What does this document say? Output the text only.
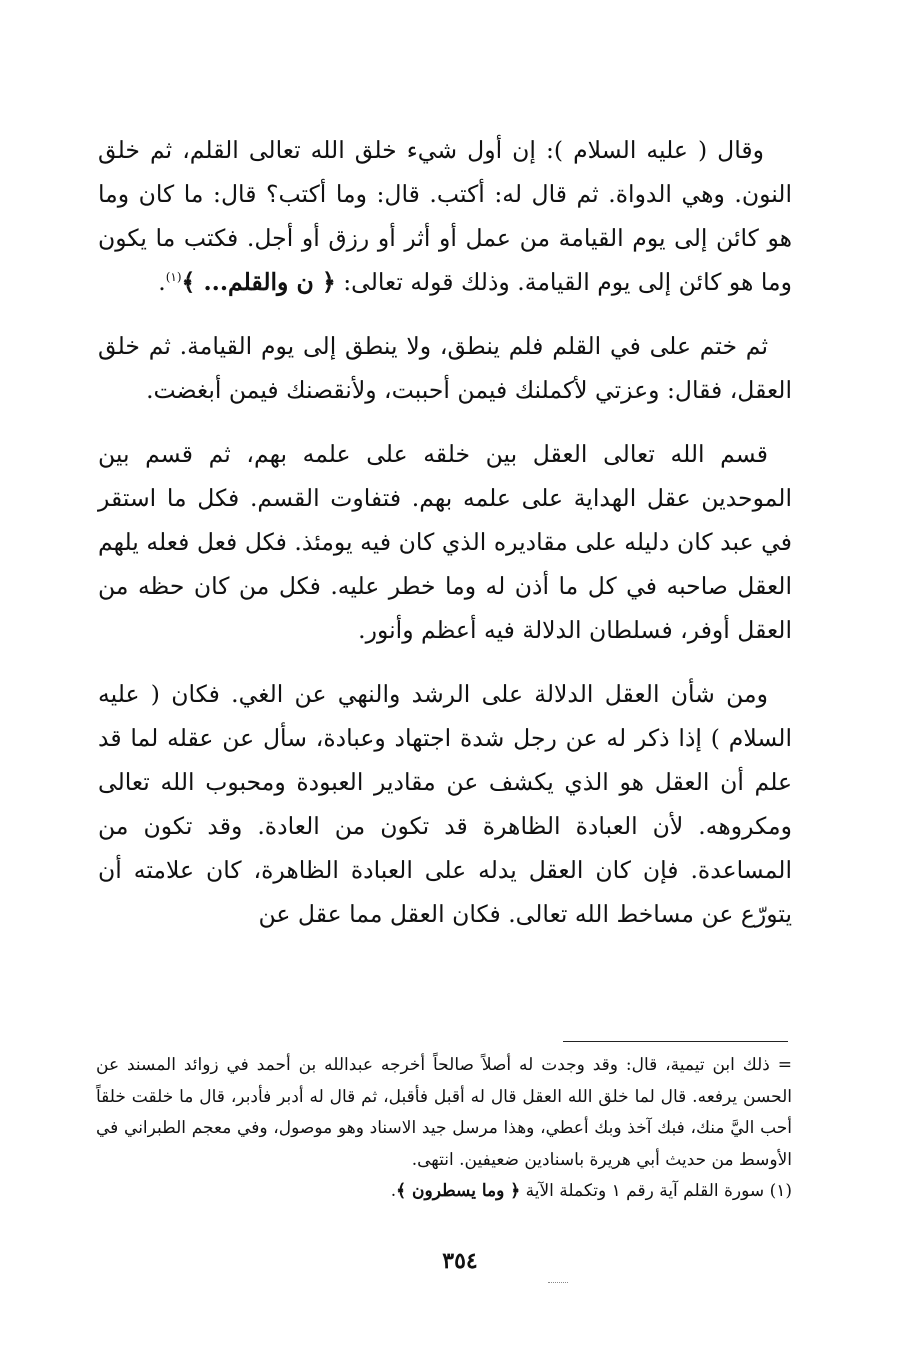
وقال ( عليه السلام ): إن أول شيء خلق الله تعالى القلم، ثم خلق النون. وهي الدواة. ثم قال له: أكتب. قال: وما أكتب؟ قال: ما كان وما هو كائن إلى يوم القيامة من عمل أو أثر أو رزق أو أجل. فكتب ما يكون وما هو كائن إلى يوم القيامة. وذلك قوله تعالى: ﴿ ن والقلم... ﴾$^{(١)}$.

ثم ختم على في القلم فلم ينطق، ولا ينطق إلى يوم القيامة. ثم خلق العقل، فقال: وعزتي لأكملنك فيمن أحببت، ولأنقصنك فيمن أبغضت.

قسم الله تعالى العقل بين خلقه على علمه بهم، ثم قسم بين الموحدين عقل الهداية على علمه بهم. فتفاوت القسم. فكل ما استقر في عبد كان دليله على مقاديره الذي كان فيه يومئذ. فكل فعل فعله يلهم العقل صاحبه في كل ما أذن له وما خطر عليه. فكل من كان حظه من العقل أوفر، فسلطان الدلالة فيه أعظم وأنور.

ومن شأن العقل الدلالة على الرشد والنهي عن الغي. فكان ( عليه السلام ) إذا ذكر له عن رجل شدة اجتهاد وعبادة، سأل عن عقله لما قد علم أن العقل هو الذي يكشف عن مقادير العبودة ومحبوب الله تعالى ومكروهه. لأن العبادة الظاهرة قد تكون من العادة. وقد تكون من المساعدة. فإن كان العقل يدله على العبادة الظاهرة، كان علامته أن يتورّع عن مساخط الله تعالى. فكان العقل مما عقل عن

= ذلك ابن تيمية، قال: وقد وجدت له أصلاً صالحاً أخرجه عبدالله بن أحمد في زوائد المسند عن الحسن يرفعه. قال لما خلق الله العقل قال له أقبل فأقبل، ثم قال له أدبر فأدبر، قال ما خلقت خلقاً أحب اليَّ منك، فبك آخذ وبك أعطي، وهذا مرسل جيد الاسناد وهو موصول، وفي معجم الطبراني في الأوسط من حديث أبي هريرة باسنادين ضعيفين. انتهى.

(١) سورة القلم آية رقم ١ وتكملة الآية ﴿ وما يسطرون ﴾.

٣٥٤
